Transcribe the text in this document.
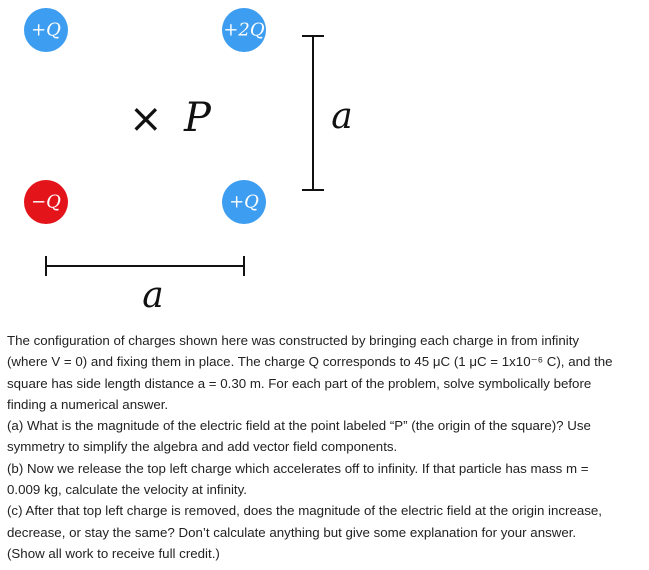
+Q	+2Q
−Q	+Q
× P	a
a

The configuration of charges shown here was constructed by bringing each charge in from infinity

(where V = 0) and fixing them in place. The charge Q corresponds to 45 μC (1 μC = 1x10⁻⁶ C), and the

square has side length distance a = 0.30 m. For each part of the problem, solve symbolically before

finding a numerical answer.

(a) What is the magnitude of the electric field at the point labeled “P” (the origin of the square)? Use

symmetry to simplify the algebra and add vector field components.

(b) Now we release the top left charge which accelerates off to infinity. If that particle has mass m =

0.009 kg, calculate the velocity at infinity.

(c) After that top left charge is removed, does the magnitude of the electric field at the origin increase,

decrease, or stay the same? Don’t calculate anything but give some explanation for your answer.

(Show all work to receive full credit.)
